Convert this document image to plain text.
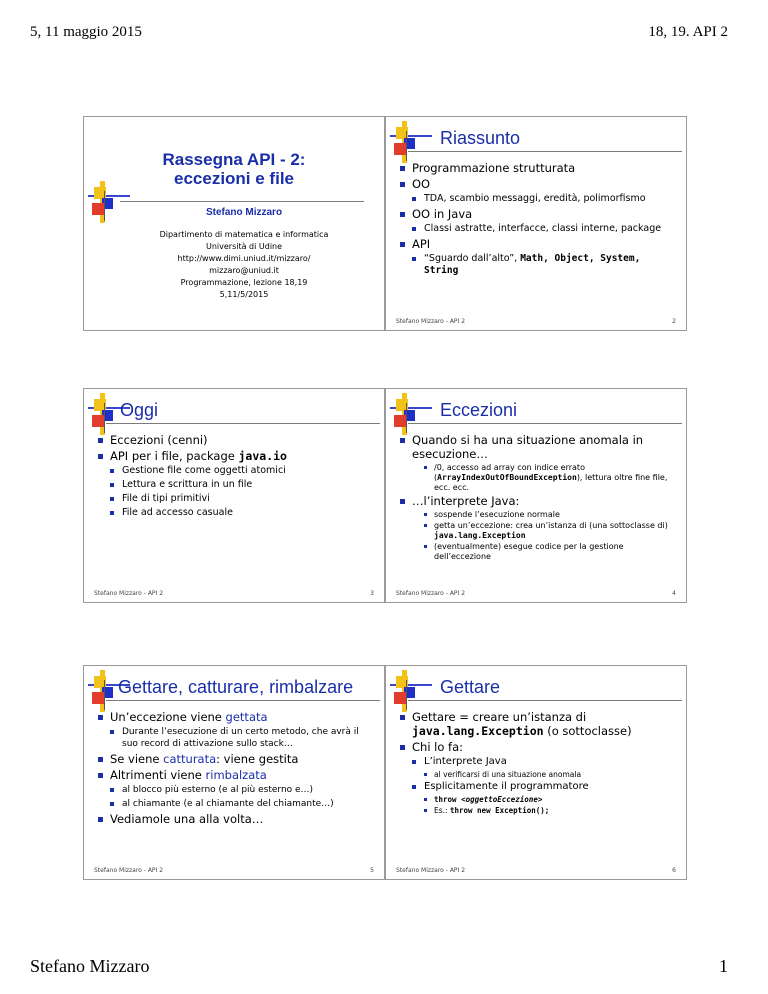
5, 11 maggio 2015	18, 19. API 2
Rassegna API - 2:
eccezioni e file
Stefano Mizzaro
Dipartimento di matematica e informatica
Università di Udine
http://www.dimi.uniud.it/mizzaro/
mizzaro@uniud.it
Programmazione, lezione 18,19
5,11/5/2015
Riassunto
Programmazione strutturata
OO
TDA, scambio messaggi, eredità, polimorfismo
OO in Java
Classi astratte, interfacce, classi interne, package
API
“Sguardo dall’alto”, Math, Object, System, String
Stefano Mizzaro - API 2	2
Oggi
Eccezioni (cenni)
API per i file, package java.io
Gestione file come oggetti atomici
Lettura e scrittura in un file
File di tipi primitivi
File ad accesso casuale
Stefano Mizzaro - API 2	3
Eccezioni
Quando si ha una situazione anomala in esecuzione…
/0, accesso ad array con indice errato (ArrayIndexOutOfBoundException), lettura oltre fine file, ecc. ecc.
…l’interprete Java:
sospende l’esecuzione normale
getta un’eccezione: crea un’istanza di (una sottoclasse di) java.lang.Exception
(eventualmente) esegue codice per la gestione dell’eccezione
Stefano Mizzaro - API 2	4
Gettare, catturare, rimbalzare
Un’eccezione viene gettata
Durante l’esecuzione di un certo metodo, che avrà il suo record di attivazione sullo stack…
Se viene catturata: viene gestita
Altrimenti viene rimbalzata
al blocco più esterno (e al più esterno e…)
al chiamante (e al chiamante del chiamante…)
Vediamole una alla volta…
Stefano Mizzaro - API 2	5
Gettare
Gettare = creare un’istanza di java.lang.Exception (o sottoclasse)
Chi lo fa:
L’interprete Java
al verificarsi di una situazione anomala
Esplicitamente il programmatore
throw <oggettoEccezione>
Es.: throw new Exception();
Stefano Mizzaro - API 2	6
Stefano Mizzaro	1
